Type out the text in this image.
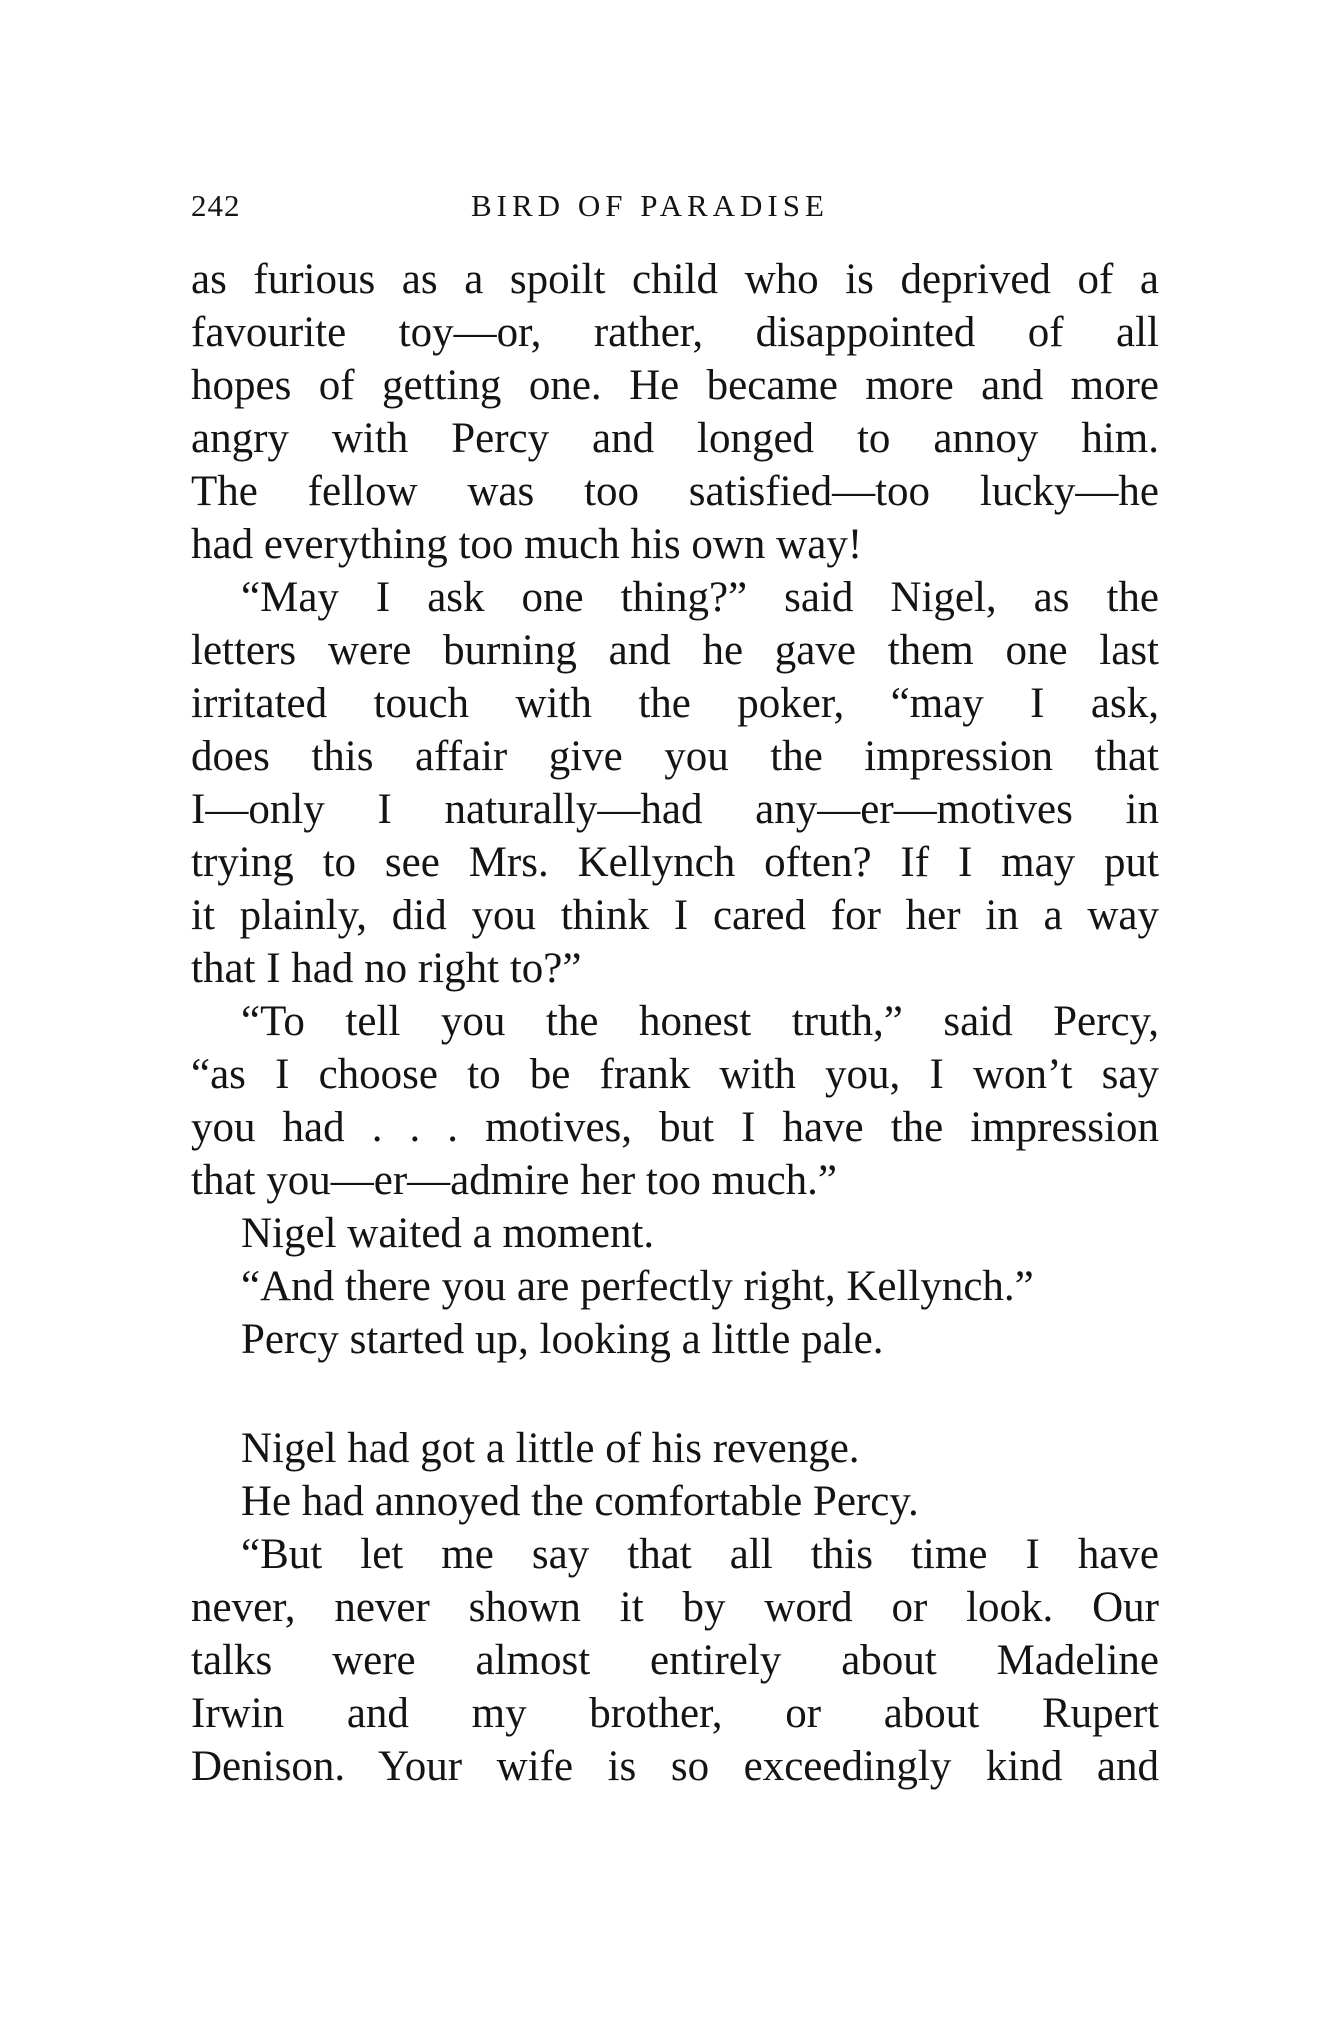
242	BIRD OF PARADISE
as furious as a spoilt child who is deprived of a
favourite toy—or, rather, disappointed of all
hopes of getting one. He became more and more
angry with Percy and longed to annoy him.
The fellow was too satisfied—too lucky—he
had everything too much his own way!
“May I ask one thing?” said Nigel, as the
letters were burning and he gave them one last
irritated touch with the poker, “may I ask,
does this affair give you the impression that
I—only I naturally—had any—er—motives in
trying to see Mrs. Kellynch often? If I may put
it plainly, did you think I cared for her in a way
that I had no right to?”
“To tell you the honest truth,” said Percy,
“as I choose to be frank with you, I won’t say
you had . . . motives, but I have the impression
that you—er—admire her too much.”
Nigel waited a moment.
“And there you are perfectly right, Kellynch.”
Percy started up, looking a little pale.
Nigel had got a little of his revenge.
He had annoyed the comfortable Percy.
“But let me say that all this time I have
never, never shown it by word or look. Our
talks were almost entirely about Madeline
Irwin and my brother, or about Rupert
Denison. Your wife is so exceedingly kind and
